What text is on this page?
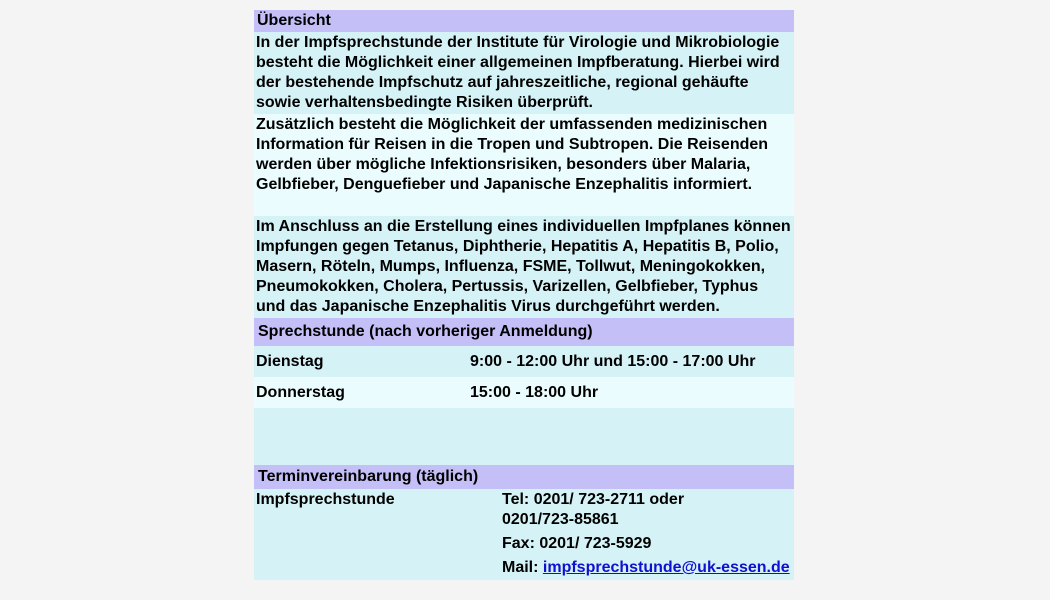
Übersicht
In der Impfsprechstunde der Institute für Virologie und Mikrobiologie besteht die Möglichkeit einer allgemeinen Impfberatung. Hierbei wird der bestehende Impfschutz auf jahreszeitliche, regional gehäufte sowie verhaltensbedingte Risiken überprüft.
Zusätzlich besteht die Möglichkeit der umfassenden medizinischen Information für Reisen in die Tropen und Subtropen. Die Reisenden werden über mögliche Infektionsrisiken, besonders über Malaria, Gelbfieber, Denguefieber und Japanische Enzephalitis informiert.
Im Anschluss an die Erstellung eines individuellen Impfplanes können Impfungen gegen Tetanus, Diphtherie, Hepatitis A, Hepatitis B, Polio, Masern, Röteln, Mumps, Influenza, FSME, Tollwut, Meningokokken, Pneumokokken, Cholera, Pertussis, Varizellen, Gelbfieber, Typhus und das Japanische Enzephalitis Virus durchgeführt werden.
Sprechstunde (nach vorheriger Anmeldung)
Dienstag	9:00 - 12:00 Uhr und 15:00 - 17:00 Uhr
Donnerstag	15:00 - 18:00 Uhr
Terminvereinbarung (täglich)
Impfsprechstunde	Tel: 0201/ 723-2711 oder
0201/723-85861
Fax: 0201/ 723-5929
Mail: impfsprechstunde@uk-essen.de
